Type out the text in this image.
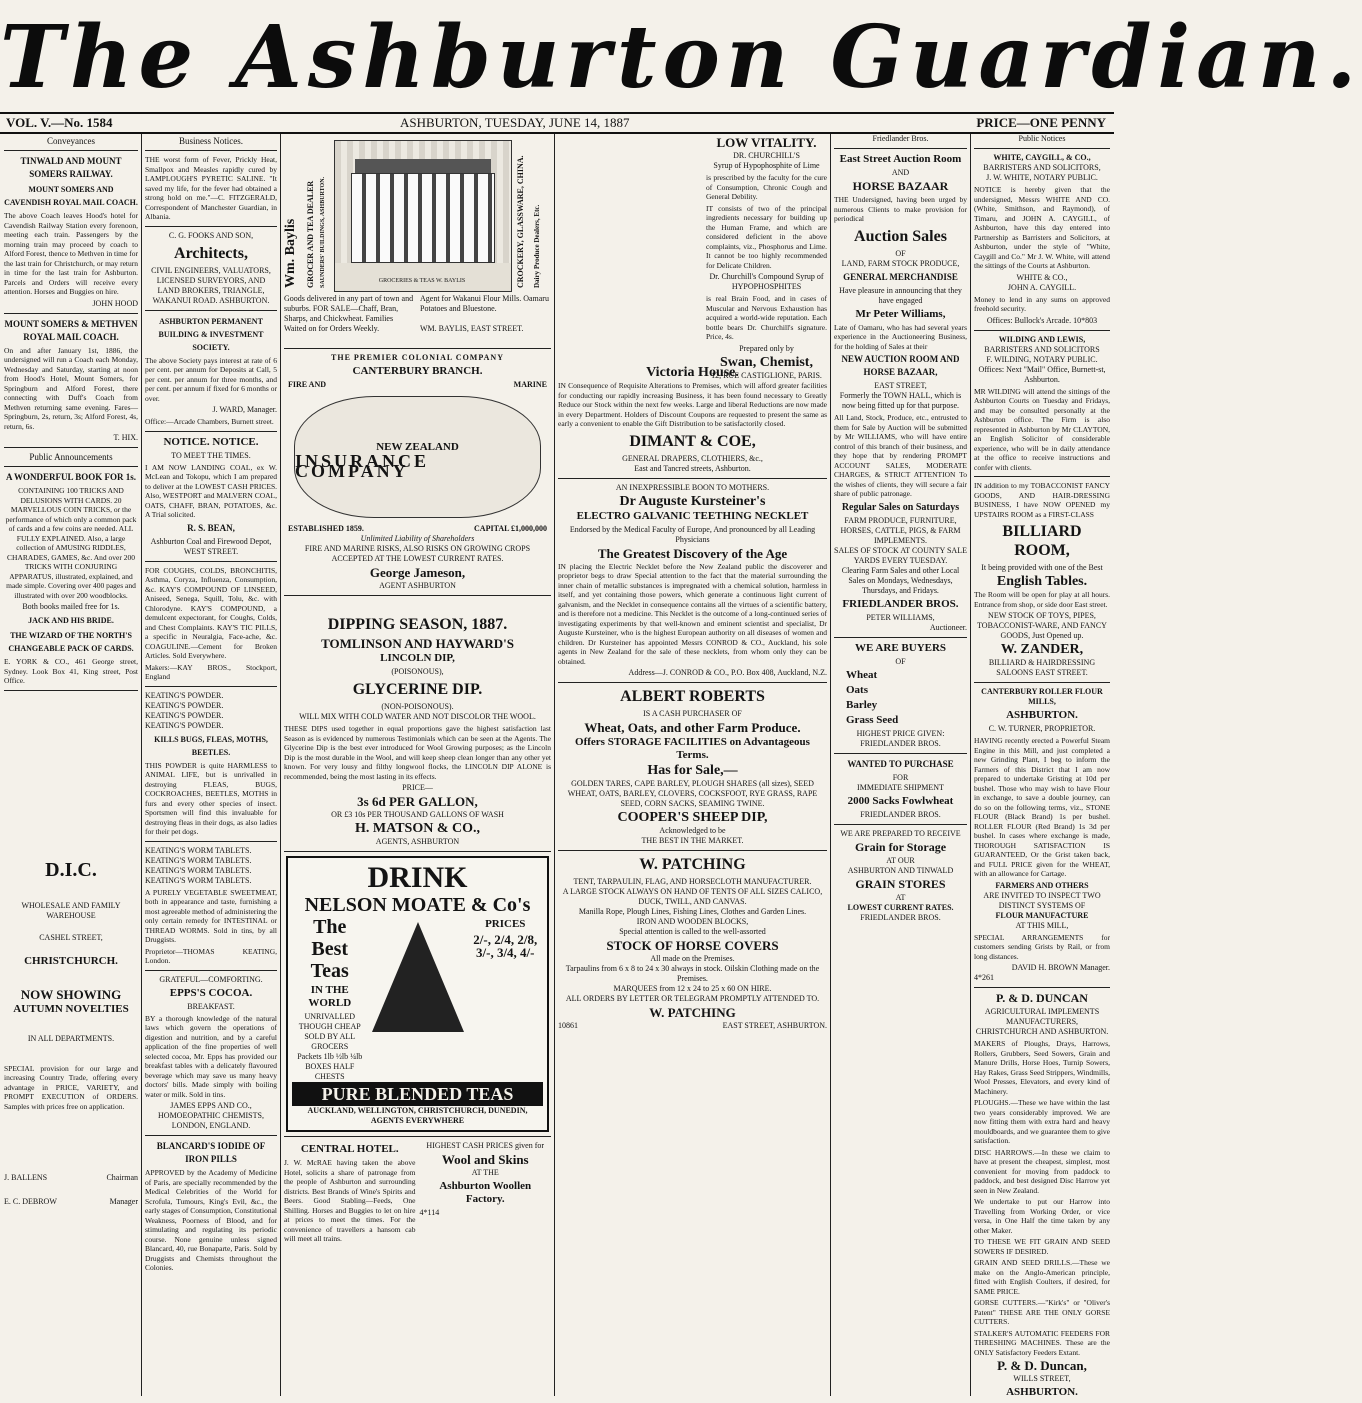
The Ashburton Guardian.
VOL. V.—No. 1584	ASHBURTON, TUESDAY, JUNE 14, 1887	PRICE—ONE PENNY
Conveyances
TINWALD AND MOUNT SOMERS RAILWAY.
MOUNT SOMERS AND CAVENDISH ROYAL MAIL COACH.
The above Coach leaves Hood's hotel for Cavendish Railway Station every forenoon, meeting each train. Passengers by the morning train may proceed by coach to Alford Forest, thence to Methven in time for the last train for Christchurch, or may return in time for the last train for Ashburton. Parcels and Orders will receive every attention. Horses and Buggies on hire.
JOHN HOOD
MOUNT SOMERS & METHVEN ROYAL MAIL COACH.
On and after January 1st, 1886, the undersigned will run a Coach each Monday, Wednesday and Saturday, starting at noon from Hood's Hotel, Mount Somers, for Springburn and Alford Forest, there connecting with Duff's Coach from Methven returning same evening. Fares—Springburn, 2s, return, 3s; Alford Forest, 4s, return, 6s.
T. HIX.
Public Announcements
A WONDERFUL BOOK FOR 1s.
CONTAINING 100 TRICKS AND DELUSIONS WITH CARDS. 20 MARVELLOUS COIN TRICKS, or the performance of which only a common pack of cards and a few coins are needed. ALL FULLY EXPLAINED. Also, a large collection of AMUSING RIDDLES, CHARADES, GAMES, &c. And over 200 TRICKS WITH CONJURING APPARATUS, illustrated, explained, and made simple. Covering over 400 pages and illustrated with over 200 woodblocks.
Both books mailed free for 1s.
JACK AND HIS BRIDE.
THE WIZARD OF THE NORTH'S CHANGEABLE PACK OF CARDS.
E. YORK & CO., 461 George street, Sydney. Look Box 41, King street, Post Office.
D.I.C.
WHOLESALE AND FAMILY WAREHOUSE
CASHEL STREET,
CHRISTCHURCH.
NOW SHOWING
AUTUMN NOVELTIES
IN ALL DEPARTMENTS.
SPECIAL provision for our large and increasing Country Trade, offering every advantage in PRICE, VARIETY, and PROMPT EXECUTION of ORDERS. Samples with prices free on application.
J. BALLENS	Chairman
E. C. DEBROW	Manager
Business Notices.
THE worst form of Fever, Prickly Heat, Smallpox and Measles rapidly cured by LAMPLOUGH'S PYRETIC SALINE. "It saved my life, for the fever had obtained a strong hold on me."—C. FITZGERALD, Correspondent of Manchester Guardian, in Albania.
C. G. FOOKS AND SON,
Architects,
CIVIL ENGINEERS, VALUATORS, LICENSED SURVEYORS, AND LAND BROKERS, TRIANGLE, WAKANUI ROAD. ASHBURTON.
ASHBURTON PERMANENT BUILDING & INVESTMENT SOCIETY.
The above Society pays interest at rate of 6 per cent. per annum for Deposits at Call, 5 per cent. per annum for three months, and per cent. per annum if fixed for 6 months or over.
J. WARD, Manager.
Office:—Arcade Chambers, Burnett street.
NOTICE. NOTICE.
TO MEET THE TIMES.
I AM NOW LANDING COAL, ex W. McLean and Tokopu, which I am prepared to deliver at the LOWEST CASH PRICES. Also, WESTPORT and MALVERN COAL, OATS, CHAFF, BRAN, POTATOES, &c. A Trial solicited.
R. S. BEAN,
Ashburton Coal and Firewood Depot, WEST STREET.
FOR COUGHS, COLDS, BRONCHITIS, Asthma, Coryza, Influenza, Consumption, &c. KAY'S COMPOUND OF LINSEED, Aniseed, Senega, Squill, Tolu, &c. with Chlorodyne. KAY'S COMPOUND, a demulcent expectorant, for Coughs, Colds, and Chest Complaints. KAY'S TIC PILLS, a specific in Neuralgia, Face-ache, &c. COAGULINE.—Cement for Broken Articles. Sold Everywhere.
Makers:—KAY BROS., Stockport, England
KEATING'S POWDER.
KEATING'S POWDER.
KEATING'S POWDER.
KEATING'S POWDER.
KILLS BUGS, FLEAS, MOTHS, BEETLES.
THIS POWDER is quite HARMLESS to ANIMAL LIFE, but is unrivalled in destroying FLEAS, BUGS, COCKROACHES, BEETLES, MOTHS in furs and every other species of insect. Sportsmen will find this invaluable for destroying fleas in their dogs, as also ladies for their pet dogs.
KEATING'S WORM TABLETS.
KEATING'S WORM TABLETS.
KEATING'S WORM TABLETS.
KEATING'S WORM TABLETS.
A PURELY VEGETABLE SWEETMEAT, both in appearance and taste, furnishing a most agreeable method of administering the only certain remedy for INTESTINAL or THREAD WORMS. Sold in tins, by all Druggists.
Proprietor—THOMAS KEATING, London.
GRATEFUL—COMFORTING.
EPPS'S COCOA.
BREAKFAST.
BY a thorough knowledge of the natural laws which govern the operations of digestion and nutrition, and by a careful application of the fine properties of well selected cocoa, Mr. Epps has provided our breakfast tables with a delicately flavoured beverage which may save us many heavy doctors' bills. Made simply with boiling water or milk. Sold in tins.
JAMES EPPS AND CO., HOMOEOPATHIC CHEMISTS, LONDON, ENGLAND.
BLANCARD'S IODIDE OF IRON PILLS
APPROVED by the Academy of Medicine of Paris, are specially recommended by the Medical Celebrities of the World for Scrofula, Tumours, King's Evil, &c., the early stages of Consumption, Constitutional Weakness, Poorness of Blood, and for stimulating and regulating its periodic course. None genuine unless signed Blancard, 40, rue Bonaparte, Paris. Sold by Druggists and Chemists throughout the Colonies.
Wm. Baylis GROCER AND TEA DEALER SAUNDERS' BUILDINGS, ASHBURTON.	CROCKERY, GLASSWARE, CHINA. Dairy Produce Dealers, Etc.
GROCERIES & TEAS W. BAYLIS
Goods delivered in any part of town and suburbs. FOR SALE—Chaff, Bran, Sharps, and Chickwheat. Families Waited on for Orders Weekly.
Agent for Wakanui Flour Mills. Oamaru Potatoes and Bluestone.
WM. BAYLIS, EAST STREET.
THE PREMIER COLONIAL COMPANY
CANTERBURY BRANCH.
FIRE AND	MARINE
NEW ZEALAND
INSURANCE COMPANY
ESTABLISHED 1859.	CAPITAL £1,000,000
Unlimited Liability of Shareholders
FIRE AND MARINE RISKS, ALSO RISKS ON GROWING CROPS ACCEPTED AT THE LOWEST CURRENT RATES.
George Jameson,
AGENT ASHBURTON
DIPPING SEASON, 1887.
TOMLINSON AND HAYWARD'S
LINCOLN DIP,
(POISONOUS),
GLYCERINE DIP.
(NON-POISONOUS).
WILL MIX WITH COLD WATER AND NOT DISCOLOR THE WOOL.
THESE DIPS used together in equal proportions gave the highest satisfaction last Season as is evidenced by numerous Testimonials which can be seen at the Agents. The Glycerine Dip is the best ever introduced for Wool Growing purposes; as the Lincoln Dip is the most durable in the Wool, and will keep sheep clean longer than any other yet known. For very lousy and filthy longwool flocks, the LINCOLN DIP ALONE is recommended, being the most lasting in its effects.
PRICE—
3s 6d PER GALLON,
OR £3 10s PER THOUSAND GALLONS OF WASH
H. MATSON & CO.,
AGENTS, ASHBURTON
DRINK
NELSON MOATE & Co's
The
Best Teas
IN THE WORLD
UNRIVALLED THOUGH CHEAP
SOLD BY ALL GROCERS
Packets 1lb ½lb ¼lb BOXES HALF CHESTS
PRICES
2/-, 2/4, 2/8, 3/-, 3/4, 4/-
PURE BLENDED TEAS
AUCKLAND, WELLINGTON, CHRISTCHURCH, DUNEDIN,
AGENTS EVERYWHERE
CENTRAL HOTEL.
J. W. McRAE having taken the above Hotel, solicits a share of patronage from the people of Ashburton and surrounding districts. Best Brands of Wine's Spirits and Beers. Good Stabling—Feeds, One Shilling. Horses and Buggies to let on hire at prices to meet the times. For the convenience of travellers a hansom cab will meet all trains.
HIGHEST CASH PRICES given for
Wool and Skins
AT THE
Ashburton Woollen Factory.
4*114
LOW VITALITY.
DR. CHURCHILL'S
Syrup of Hypophosphite of Lime
is prescribed by the faculty for the cure of Consumption, Chronic Cough and General Debility.
IT consists of two of the principal ingredients necessary for building up the Human Frame, and which are considered deficient in the above complaints, viz., Phosphorus and Lime. It cannot be too highly recommended for Delicate Children.
Dr. Churchill's Compound Syrup of HYPOPHOSPHITES
is real Brain Food, and in cases of Muscular and Nervous Exhaustion has acquired a world-wide reputation. Each bottle bears Dr. Churchill's signature. Price, 4s.
Prepared only by
Swan, Chemist,
12, RUE CASTIGLIONE, PARIS.
Victoria House.
IN Consequence of Requisite Alterations to Premises, which will afford greater facilities for conducting our rapidly increasing Business, it has been found necessary to Greatly Reduce our Stock within the next few weeks. Large and liberal Reductions are now made in every Department. Holders of Discount Coupons are requested to present the same as early a convenient to enable the Gift Distribution to be satisfactorily closed.
DIMANT & COE,
GENERAL DRAPERS, CLOTHIERS, &c.,
East and Tancred streets, Ashburton.
AN INEXPRESSIBLE BOON TO MOTHERS.
Dr Auguste Kursteiner's
ELECTRO GALVANIC TEETHING NECKLET
Endorsed by the Medical Faculty of Europe, And pronounced by all Leading Physicians
The Greatest Discovery of the Age
IN placing the Electric Necklet before the New Zealand public the discoverer and proprietor begs to draw Special attention to the fact that the material surrounding the inner chain of metallic substances is impregnated with a chemical solution, harmless in itself, and yet containing those powers, which generate a continuous light current of galvanism, and the Necklet in consequence contains all the virtues of a scientific battery, and is therefore not a medicine. This Necklet is the outcome of a long-continued series of investigating experiments by that well-known and eminent scientist and specialist, Dr Auguste Kursteiner, who is the highest European authority on all diseases of women and children. Dr Kursteiner has appointed Messrs CONROD & CO., Auckland, his sole agents in New Zealand for the sale of these necklets, from whom only they can be obtained.
Address—J. CONROD & CO., P.O. Box 408, Auckland, N.Z.
ALBERT ROBERTS
IS A CASH PURCHASER OF
Wheat, Oats, and other Farm Produce.
Offers STORAGE FACILITIES on Advantageous Terms.
Has for Sale,—
GOLDEN TARES, CAPE BARLEY, PLOUGH SHARES (all sizes), SEED WHEAT, OATS, BARLEY, CLOVERS, COCKSFOOT, RYE GRASS, RAPE SEED, CORN SACKS, SEAMING TWINE.
COOPER'S SHEEP DIP,
Acknowledged to be
THE BEST IN THE MARKET.
W. PATCHING
TENT, TARPAULIN, FLAG, AND HORSECLOTH MANUFACTURER.
A LARGE STOCK ALWAYS ON HAND OF TENTS OF ALL SIZES CALICO, DUCK, TWILL, AND CANVAS.
Manilla Rope, Plough Lines, Fishing Lines, Clothes and Garden Lines.
IRON AND WOODEN BLOCKS,
Special attention is called to the well-assorted
STOCK OF HORSE COVERS
All made on the Premises.
Tarpaulins from 6 x 8 to 24 x 30 always in stock. Oilskin Clothing made on the Premises.
MARQUEES from 12 x 24 to 25 x 60 ON HIRE.
ALL ORDERS BY LETTER OR TELEGRAM PROMPTLY ATTENDED TO.
W. PATCHING
10861	EAST STREET, ASHBURTON.
Friedlander Bros.
East Street Auction Room
AND
HORSE BAZAAR
THE Undersigned, having been urged by numerous Clients to make provision for periodical
Auction Sales
OF
LAND, FARM STOCK PRODUCE,
GENERAL MERCHANDISE
Have pleasure in announcing that they have engaged
Mr Peter Williams,
Late of Oamaru, who has had several years experience in the Auctioneering Business, for the holding of Sales at their
NEW AUCTION ROOM AND HORSE BAZAAR,
EAST STREET,
Formerly the TOWN HALL, which is now being fitted up for that purpose.
All Land, Stock, Produce, etc., entrusted to them for Sale by Auction will be submitted by Mr WILLIAMS, who will have entire control of this branch of their business, and they hope that by rendering PROMPT ACCOUNT SALES, MODERATE CHARGES, & STRICT ATTENTION To the wishes of clients, they will secure a fair share of public patronage.
Regular Sales on Saturdays
FARM PRODUCE, FURNITURE, HORSES, CATTLE, PIGS, & FARM IMPLEMENTS.
SALES OF STOCK AT COUNTY SALE YARDS EVERY TUESDAY.
Clearing Farm Sales and other Local Sales on Mondays, Wednesdays, Thursdays, and Fridays.
FRIEDLANDER BROS.
PETER WILLIAMS,
Auctioneer.
WE ARE BUYERS
OF
Wheat
Oats
Barley
Grass Seed
HIGHEST PRICE GIVEN:
FRIEDLANDER BROS.
WANTED TO PURCHASE
FOR
IMMEDIATE SHIPMENT
2000 Sacks Fowlwheat
FRIEDLANDER BROS.
WE ARE PREPARED TO RECEIVE
Grain for Storage
AT OUR
ASHBURTON AND TINWALD
GRAIN STORES
AT
LOWEST CURRENT RATES.
FRIEDLANDER BROS.
Public Notices
WHITE, CAYGILL, & CO.,
BARRISTERS AND SOLICITORS,
J. W. WHITE, NOTARY PUBLIC.
NOTICE is hereby given that the undersigned, Messrs WHITE AND CO. (White, Smithson, and Raymond), of Timaru, and JOHN A. CAYGILL, of Ashburton, have this day entered into Partnership as Barristers and Solicitors, at Ashburton, under the style of "White, Caygill and Co." Mr J. W. White, will attend the sittings of the Courts at Ashburton.
WHITE & CO.,
JOHN A. CAYGILL.
Money to lend in any sums on approved freehold security.
Offices: Bullock's Arcade. 10*803
WILDING AND LEWIS,
BARRISTERS AND SOLICITORS
F. WILDING, NOTARY PUBLIC.
Offices: Next "Mail" Office, Burnett-st, Ashburton.
MR WILDING will attend the sittings of the Ashburton Courts on Tuesday and Fridays, and may be consulted personally at the Ashburton office. The Firm is also represented in Ashburton by Mr CLAYTON, an English Solicitor of considerable experience, who will be in daily attendance at the office to receive instructions and confer with clients.
IN addition to my TOBACCONIST FANCY GOODS, AND HAIR-DRESSING BUSINESS, I have NOW OPENED my UPSTAIRS ROOM as a FIRST-CLASS
BILLIARD ROOM,
It being provided with one of the Best
English Tables.
The Room will be open for play at all hours. Entrance from shop, or side door East street.
NEW STOCK OF TOYS, PIPES, TOBACCONIST-WARE, AND FANCY GOODS, Just Opened up.
W. ZANDER,
BILLIARD & HAIRDRESSING SALOONS EAST STREET.
CANTERBURY ROLLER FLOUR MILLS,
ASHBURTON.
C. W. TURNER, PROPRIETOR.
HAVING recently erected a Powerful Steam Engine in this Mill, and just completed a new Grinding Plant, I beg to inform the Farmers of this District that I am now prepared to undertake Gristing at 10d per bushel. Those who may wish to have Flour in exchange, to save a double journey, can do so on the following terms, viz., STONE FLOUR (Black Brand) 1s per bushel. ROLLER FLOUR (Red Brand) 1s 3d per bushel. In cases where exchange is made, THOROUGH SATISFACTION IS GUARANTEED, Or the Grist taken back, and FULL PRICE given for the WHEAT, with an allowance for Cartage.
FARMERS AND OTHERS
ARE INVITED TO INSPECT TWO DISTINCT SYSTEMS OF
FLOUR MANUFACTURE
AT THIS MILL,
SPECIAL ARRANGEMENTS for customers sending Grists by Rail, or from long distances.
DAVID H. BROWN Manager.
4*261
P. & D. DUNCAN
AGRICULTURAL IMPLEMENTS MANUFACTURERS,
CHRISTCHURCH AND ASHBURTON.
MAKERS of Ploughs, Drays, Harrows, Rollers, Grubbers, Seed Sowers, Grain and Manure Drills, Horse Hoes, Turnip Sowers, Hay Rakes, Grass Seed Strippers, Windmills, Wool Presses, Elevators, and every kind of Machinery.
PLOUGHS.—These we have within the last two years considerably improved. We are now fitting them with extra hard and heavy mouldboards, and we guarantee them to give satisfaction.
DISC HARROWS.—In these we claim to have at present the cheapest, simplest, most convenient for moving from paddock to paddock, and best designed Disc Harrow yet seen in New Zealand.
We undertake to put our Harrow into Travelling from Working Order, or vice versa, in One Half the time taken by any other Maker.
TO THESE WE FIT GRAIN AND SEED SOWERS IF DESIRED.
GRAIN AND SEED DRILLS.—These we make on the Anglo-American principle, fitted with English Coulters, if desired, for SAME PRICE.
GORSE CUTTERS.—"Kirk's" or "Oliver's Patent" THESE ARE THE ONLY GORSE CUTTERS.
STALKER'S AUTOMATIC FEEDERS FOR THRESHING MACHINES. These are the ONLY Satisfactory Feeders Extant.
P. & D. Duncan,
WILLS STREET,
ASHBURTON.
